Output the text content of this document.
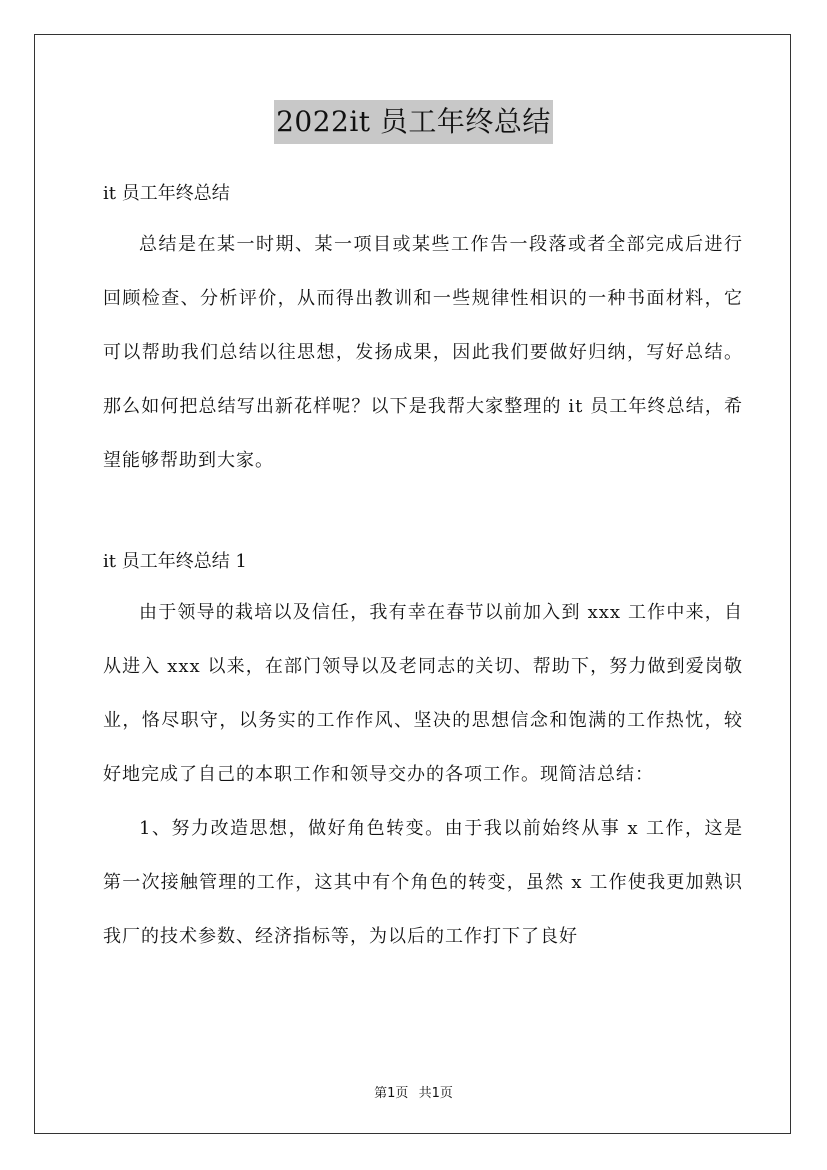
2022it 员工年终总结

it 员工年终总结

总结是在某一时期、某一项目或某些工作告一段落或者全部完成后进行回顾检查、分析评价，从而得出教训和一些规律性相识的一种书面材料，它可以帮助我们总结以往思想，发扬成果，因此我们要做好归纳，写好总结。那么如何把总结写出新花样呢？以下是我帮大家整理的 it 员工年终总结，希望能够帮助到大家。

it 员工年终总结 1

由于领导的栽培以及信任，我有幸在春节以前加入到 xxx 工作中来，自从进入 xxx 以来，在部门领导以及老同志的关切、帮助下，努力做到爱岗敬业，恪尽职守，以务实的工作作风、坚决的思想信念和饱满的工作热忱，较好地完成了自己的本职工作和领导交办的各项工作。现简洁总结：

1、努力改造思想，做好角色转变。由于我以前始终从事 x 工作，这是第一次接触管理的工作，这其中有个角色的转变，虽然 x 工作使我更加熟识我厂的技术参数、经济指标等，为以后的工作打下了良好

第1页 共1页
